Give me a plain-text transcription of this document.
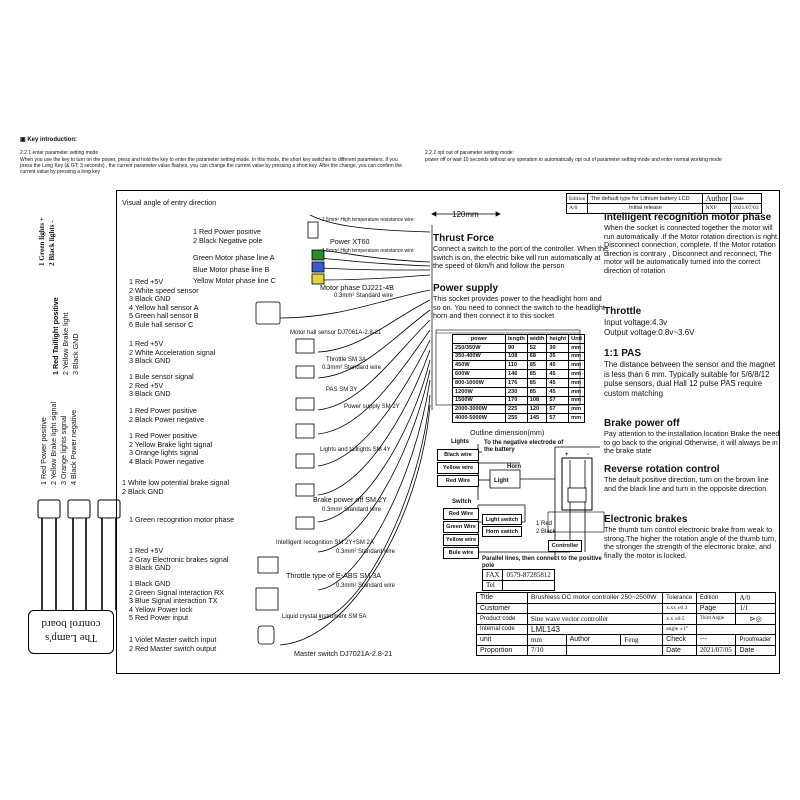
▣ Key introduction:
2.2.1 enter parameter setting mode
When you use the key to turn on the power, press and hold the key to enter the parameter setting mode. In this mode, the short key switches to different parameters. If you press the Long Key (& GT; 3 seconds) , the current parameter value flashes, you can change the current value by pressing a short key. After the change, you can confirm the current value by pressing a long key
2.2.2 opt out of parameter setting mode:
power off or wait 10 seconds without any operation to automatically opt out of parameter setting mode and enter normal working mode
Edition	The default type for Lithium battery LCD	Author	Date
A/0	Initial release	NXF	2021/07/03
1 Green lights + 2 Black lights -
1 Red Taillight positive 2 Yellow Brake light 3 Black GND
1 Red Power positive 2 Yellow Brake light signal 3 Orange lights signal 4 Black Power negative
The Lamp's control board
Visual angle of entry direction
1 Red Power positive
2 Black Negative pole
Green Motor phase line A
Blue Motor phase line B
Yellow Motor phase line C
1 Red +5V
2 White speed sensor
3 Black GND
4 Yellow hall sensor A
5 Green hall sensor B
6 Bule hall sensor C
1 Red +5V
2 White Acceleration signal
3 Black GND
1 Bule sensor signal
2 Red +5V
3 Black GND
1 Red Power positive
2 Black Power negative
1 Red Power positive
2 Yellow Brake light signal
3 Orange lights signal
4 Black Power negative
1 White low potential brake signal
2 Black GND
1 Green recognition motor phase
1 Red +5V
2 Gray Electronic brakes signal
3 Black GND
1 Black GND
2 Green Signal interaction RX
3 Blue Signal interaction TX
4 Yellow Power lock
5 Red Power input
1 Violet Master switch input
2 Red Master switch output
1.5mm² High temperature resistance wire
120mm
Power XT60
1.5mm² High temperature resistance wire
Motor phase DJ221-4B
0.3mm² Standard wire
Motor hall sensor DJ7061A-2.8-21
Throttle SM 3A
0.3mm² Standard wire
PAS SM 3Y
Power supply SM 2Y
Lights and taillights SM 4Y
Brake power off SM 2Y
0.3mm² Standard wire
Intelligent recognition SM 2Y+SM 2A
0.3mm² Standard wire
Throttle type of E-ABS SM 3A
0.3mm² Standard wire
Liquid crystal instrument SM 5A
Master switch DJ7021A-2.8-21
Thrust Force
Connect a switch to the port of the controller. When the switch is on, the electric bike will run automatically at the speed of 6km/h and follow the person
Power supply
This socket provides power to the headlight horn and so on. You need to connect the switch to the headlight horn and then connect it to this socket
power	length	width	height	Unit
250/350W	90	52	30	mm
350-400W	108	68	35	mm
450W	110	85	45	mm
600W	146	85	45	mm
800-1000W	176	85	45	mm
1200W	230	85	45	mm
1500W	170	108	57	mm
2000-3000W	225	120	57	mm
4000-5000W	255	145	57	mm
Outline dimension(mm)
Intelligent recognition motor phase
When the socket is connected together the motor will run automatically .If the Motor rotation direction is right. Disconnect connection, complete. If the Motor rotation direction is contrary , Disconnect and reconnect, The motor will be automatically turned into the correct direction of rotation
Throttle
Input voltage:4.3v
Output voltage:0.8v~3.6V
1:1 PAS
The distance between the sensor and the magnet is less than 6 mm. Typically suitable for 5/6/8/12 pulse sensors, dual Hall 12 pulse PAS require custom matching
Brake power off
Pay attention to the installation location Brake the need to go back to the original Otherwise, it will always be in the brake state
Reverse rotation control
The default positive direction, turn on the brown line and the black line and turn in the opposite direction
Electronic brakes
The thumb turn control electronic brake from weak to strong.The higher the rotation angle of the thumb turn, the stronger the strength of the electronic brake, and finally the motor is locked.
Lights	To the negative electrode of the battery
Black wire
Yellow wire
Red Wire
Horn
Light
Switch
Red Wire
Green Wire
Yellow wire
Bule wire
Light switch
Horn switch
Parallel lines, then connect to the positive pole
+	-
1 Red
2 Black
Controller
	FAX	0579-87285812
	Tel	
Title	Brushless DC motor controller 250~2500W			Tolerance	Edition	A/0
Customer				x.xx ±0.3	Page	1/1
Product code	Sine wave vector controller			x.x ±0.5	Third Angle	⊳◎
Internal code	LML143			angle ±1°		
unit	mm	Author	Feng	Check	---	Proofreader
Proportion	7/10			Date	2021/07/05	Date
